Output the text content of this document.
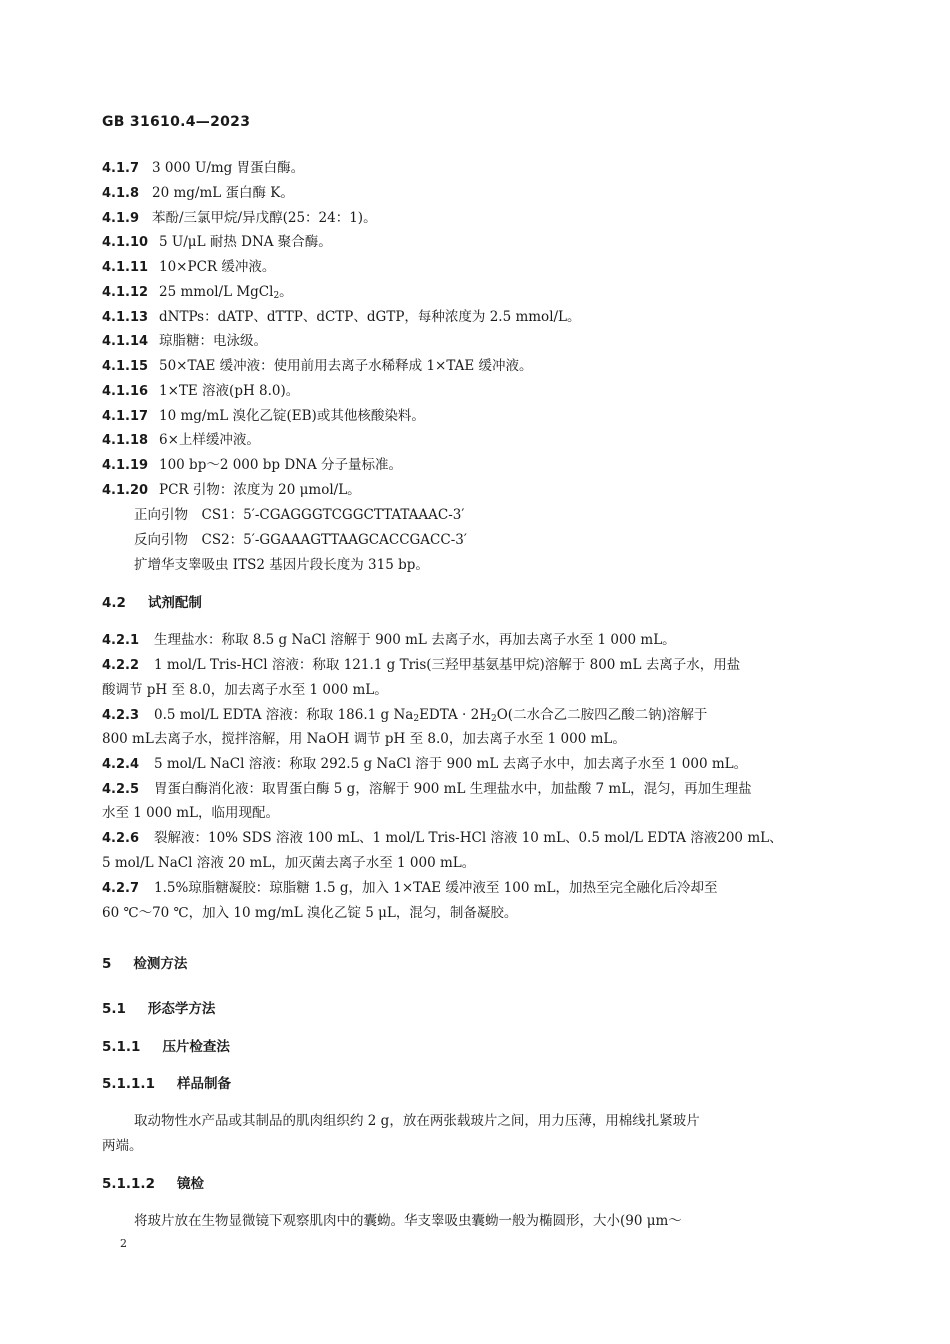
GB 31610.4—2023
4.1.7 3 000 U/mg 胃蛋白酶。
4.1.8 20 mg/mL 蛋白酶 K。
4.1.9 苯酚/三氯甲烷/异戊醇(25：24：1)。
4.1.10 5 U/μL 耐热 DNA 聚合酶。
4.1.11 10×PCR 缓冲液。
4.1.12 25 mmol/L MgCl$_2$。
4.1.13 dNTPs：dATP、dTTP、dCTP、dGTP，每种浓度为 2.5 mmol/L。
4.1.14 琼脂糖：电泳级。
4.1.15 50×TAE 缓冲液：使用前用去离子水稀释成 1×TAE 缓冲液。
4.1.16 1×TE 溶液(pH 8.0)。
4.1.17 10 mg/mL 溴化乙锭(EB)或其他核酸染料。
4.1.18 6×上样缓冲液。
4.1.19 100 bp～2 000 bp DNA 分子量标准。
4.1.20 PCR 引物：浓度为 20 μmol/L。
正向引物　CS1：5′-CGAGGGTCGGCTTATAAAC-3′
反向引物　CS2：5′-GGAAAGTTAAGCACCGACC-3′
扩增华支睾吸虫 ITS2 基因片段长度为 315 bp。
4.2 试剂配制
4.2.1 生理盐水：称取 8.5 g NaCl 溶解于 900 mL 去离子水，再加去离子水至 1 000 mL。
4.2.2 1 mol/L Tris-HCl 溶液：称取 121.1 g Tris(三羟甲基氨基甲烷)溶解于 800 mL 去离子水，用盐
酸调节 pH 至 8.0，加去离子水至 1 000 mL。
4.2.3 0.5 mol/L EDTA 溶液：称取 186.1 g $Na_2EDTA \cdot 2H_2O$(二水合乙二胺四乙酸二钠)溶解于
800 mL去离子水，搅拌溶解，用 NaOH 调节 pH 至 8.0，加去离子水至 1 000 mL。
4.2.4 5 mol/L NaCl 溶液：称取 292.5 g NaCl 溶于 900 mL 去离子水中，加去离子水至 1 000 mL。
4.2.5 胃蛋白酶消化液：取胃蛋白酶 5 g，溶解于 900 mL 生理盐水中，加盐酸 7 mL，混匀，再加生理盐
水至 1 000 mL，临用现配。
4.2.6 裂解液：10% SDS 溶液 100 mL、1 mol/L Tris-HCl 溶液 10 mL、0.5 mol/L EDTA 溶液200 mL、
5 mol/L NaCl 溶液 20 mL，加灭菌去离子水至 1 000 mL。
4.2.7 1.5%琼脂糖凝胶：琼脂糖 1.5 g，加入 1×TAE 缓冲液至 100 mL，加热至完全融化后冷却至
60 ℃～70 ℃，加入 10 mg/mL 溴化乙锭 5 μL，混匀，制备凝胶。
5 检测方法
5.1 形态学方法
5.1.1 压片检查法
5.1.1.1 样品制备
取动物性水产品或其制品的肌肉组织约 2 g，放在两张载玻片之间，用力压薄，用棉线扎紧玻片
两端。
5.1.1.2 镜检
将玻片放在生物显微镜下观察肌肉中的囊蚴。华支睾吸虫囊蚴一般为椭圆形，大小(90 μm～
2
